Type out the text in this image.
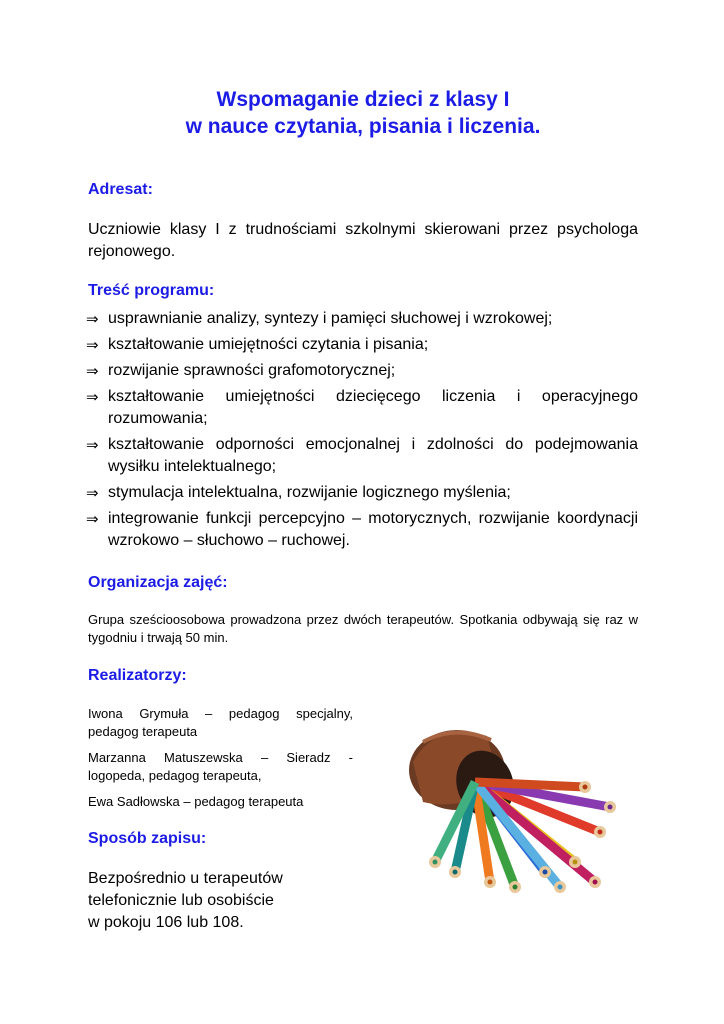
Wspomaganie dzieci z klasy I
w nauce czytania, pisania i liczenia.
Adresat:
Uczniowie klasy I z trudnościami szkolnymi skierowani przez psychologa rejonowego.
Treść programu:
⇒ usprawnianie analizy, syntezy i pamięci słuchowej i wzrokowej;
⇒ kształtowanie umiejętności czytania i pisania;
⇒ rozwijanie sprawności grafomotorycznej;
⇒ kształtowanie umiejętności dziecięcego liczenia i operacyjnego rozumowania;
⇒ kształtowanie odporności emocjonalnej i zdolności do podejmowania wysiłku intelektualnego;
⇒ stymulacja intelektualna, rozwijanie logicznego myślenia;
⇒ integrowanie funkcji percepcyjno – motorycznych, rozwijanie koordynacji wzrokowo – słuchowo – ruchowej.
Organizacja zajęć:
Grupa sześcioosobowa prowadzona przez dwóch terapeutów. Spotkania odbywają się raz w tygodniu i trwają 50 min.
Realizatorzy:
Iwona Grymuła – pedagog specjalny, pedagog terapeuta
Marzanna Matuszewska – Sieradz - logopeda, pedagog terapeuta,
Ewa Sadłowska – pedagog terapeuta
Sposób zapisu:
Bezpośrednio u terapeutów
telefonicznie lub osobiście
w pokoju 106 lub 108.
